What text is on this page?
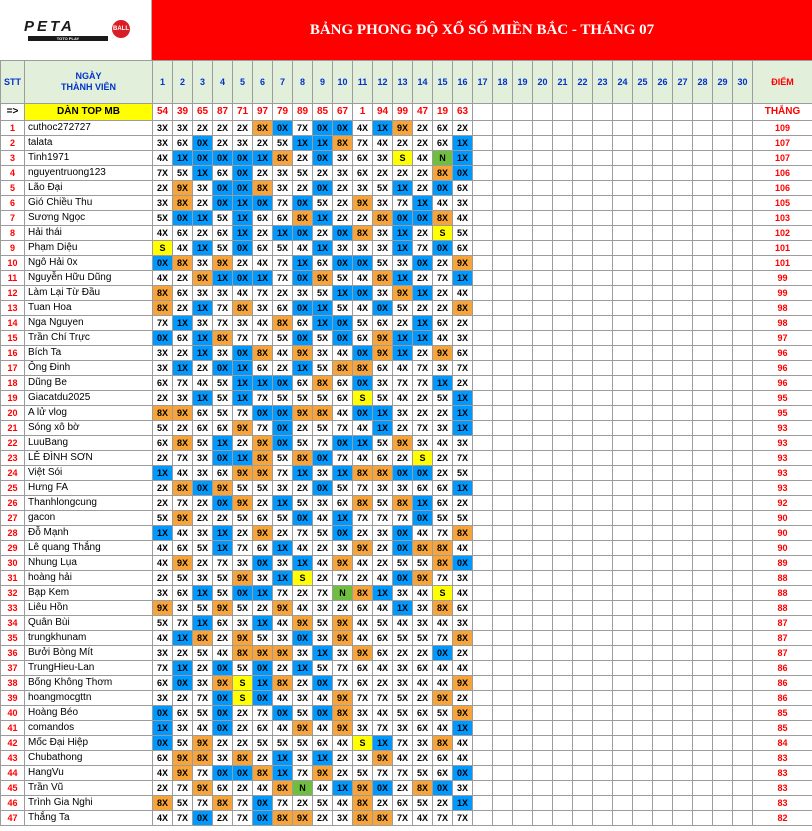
PETA	BALL
TOTO PLAY
BẢNG PHONG ĐỘ XỔ SỐ MIỀN BẮC - THÁNG 07
STT	NGÀY
THÀNH VIÊN	1	2	3	4	5	6	7	8	9	10	11	12	13	14	15	16	17	18	19	20	21	22	23	24	25	26	27	28	29	30	ĐIỂM
=>	DÀN TOP MB	54	39	65	87	71	97	79	89	85	67	1	94	99	47	19	63															THẮNG
1	cuthoc272727	3X	3X	2X	2X	2X	8X	0X	7X	0X	0X	4X	1X	9X	2X	6X	2X															109
2	talata	3X	6X	0X	2X	3X	2X	5X	1X	1X	8X	7X	4X	2X	2X	6X	1X															107
3	Tinh1971	4X	1X	0X	0X	0X	1X	8X	2X	0X	3X	6X	3X	S	4X	N	1X															107
4	nguyentruong123	7X	5X	1X	6X	0X	2X	3X	5X	2X	3X	6X	2X	2X	2X	8X	0X															106
5	Lão Đại	2X	9X	3X	0X	0X	8X	3X	2X	0X	2X	3X	5X	1X	2X	0X	6X															106
6	Gió Chiều Thu	3X	8X	2X	0X	1X	0X	7X	0X	5X	2X	9X	3X	7X	1X	4X	3X															105
7	Sương Ngọc	5X	0X	1X	5X	1X	6X	6X	8X	1X	2X	2X	8X	0X	0X	8X	4X															103
8	Hải thái	4X	6X	2X	6X	1X	2X	1X	0X	2X	0X	8X	3X	1X	2X	S	5X															102
9	Phạm Diệu	S	4X	1X	5X	0X	6X	5X	4X	1X	3X	3X	3X	1X	7X	0X	6X															101
10	Ngô Hải 0x	0X	8X	3X	9X	2X	4X	7X	1X	6X	0X	0X	5X	3X	0X	2X	9X															101
11	Nguyễn Hữu Dũng	4X	2X	9X	1X	0X	1X	7X	0X	9X	5X	4X	8X	1X	2X	7X	1X															99
12	Làm Lại Từ Đầu	8X	6X	3X	3X	4X	7X	2X	3X	5X	1X	0X	3X	9X	1X	2X	4X															99
13	Tuan Hoa	8X	2X	1X	7X	8X	3X	6X	0X	1X	5X	4X	0X	5X	2X	2X	8X															98
14	Nga Nguyen	7X	1X	3X	7X	3X	4X	8X	6X	1X	0X	5X	6X	2X	1X	6X	2X															98
15	Trần Chí Trực	0X	6X	1X	8X	7X	7X	5X	0X	5X	0X	6X	9X	1X	1X	4X	3X															97
16	Bích Ta	3X	2X	1X	3X	0X	8X	4X	9X	3X	4X	0X	9X	1X	2X	9X	6X															96
17	Ông Đinh	3X	1X	2X	0X	1X	6X	2X	1X	5X	8X	8X	6X	4X	7X	3X	7X															96
18	Dũng Be	6X	7X	4X	5X	1X	1X	0X	6X	8X	6X	0X	3X	7X	7X	1X	2X															96
19	Giacatdu2025	2X	3X	1X	5X	1X	7X	5X	5X	5X	6X	S	5X	4X	2X	5X	1X															95
20	A lử vlog	8X	9X	6X	5X	7X	0X	0X	9X	8X	4X	0X	1X	3X	2X	2X	1X															95
21	Sóng xô bờ	5X	2X	6X	6X	9X	7X	0X	2X	5X	7X	4X	1X	2X	7X	3X	1X															93
22	LuuBang	6X	8X	5X	1X	2X	9X	0X	5X	7X	0X	1X	5X	9X	3X	4X	3X															93
23	LÊ ĐÌNH SƠN	2X	7X	3X	0X	1X	8X	5X	8X	0X	7X	4X	6X	2X	S	2X	7X															93
24	Việt Sói	1X	4X	3X	6X	9X	9X	7X	1X	3X	1X	8X	8X	0X	0X	2X	5X															93
25	Hưng FA	2X	8X	0X	9X	5X	5X	3X	2X	0X	5X	7X	3X	3X	6X	6X	1X															93
26	Thanhlongcung	2X	7X	2X	0X	9X	2X	1X	5X	3X	6X	8X	5X	8X	1X	6X	2X															92
27	gacon	5X	9X	2X	2X	5X	6X	5X	0X	4X	1X	7X	7X	7X	0X	5X	5X															90
28	Đỗ Mạnh	1X	4X	3X	1X	2X	9X	2X	7X	5X	0X	2X	3X	0X	4X	7X	8X															90
29	Lê quang Thắng	4X	6X	5X	1X	7X	6X	1X	4X	2X	3X	9X	2X	0X	8X	8X	4X															90
30	Nhung Lụa	4X	9X	2X	7X	3X	0X	3X	1X	4X	9X	4X	2X	5X	5X	8X	0X															89
31	hoàng hải	2X	5X	3X	5X	9X	3X	1X	S	2X	7X	2X	4X	0X	9X	7X	3X															88
32	Bạp Kem	3X	6X	1X	5X	0X	1X	7X	2X	7X	N	8X	1X	3X	4X	S	4X															88
33	Liêu Hồn	9X	3X	5X	9X	5X	2X	9X	4X	3X	2X	6X	4X	1X	3X	8X	6X															88
34	Quân Bùi	5X	7X	1X	6X	3X	1X	4X	9X	5X	9X	4X	5X	4X	3X	4X	3X															87
35	trungkhunam	4X	1X	8X	2X	9X	5X	3X	0X	3X	9X	4X	6X	5X	5X	7X	8X															87
36	Bưởi Bòng Mít	3X	2X	5X	4X	8X	9X	9X	3X	1X	3X	9X	6X	2X	2X	0X	2X															87
37	TrungHieu-Lan	7X	1X	2X	0X	5X	0X	2X	1X	5X	7X	6X	4X	3X	6X	4X	4X															86
38	Bống Không Thơm	6X	0X	3X	9X	S	1X	8X	2X	0X	7X	6X	2X	3X	4X	4X	9X															86
39	hoangmocgttn	3X	2X	7X	0X	S	0X	4X	3X	4X	9X	7X	7X	5X	2X	9X	2X															86
40	Hoàng Béo	0X	6X	5X	0X	2X	7X	0X	5X	0X	8X	3X	4X	5X	6X	5X	9X															85
41	comandos	1X	3X	4X	0X	2X	6X	4X	9X	4X	9X	3X	7X	3X	6X	4X	1X															85
42	Mốc Đại Hiệp	0X	5X	9X	2X	2X	5X	5X	5X	6X	4X	S	1X	7X	3X	8X	4X															84
43	Chubathong	6X	9X	8X	3X	8X	2X	1X	3X	1X	2X	3X	9X	4X	2X	6X	4X															83
44	HangVu	4X	9X	7X	0X	0X	8X	1X	7X	9X	2X	5X	7X	7X	5X	6X	0X															83
45	Trần Vũ	2X	7X	9X	6X	2X	4X	8X	N	4X	1X	9X	0X	2X	8X	0X	3X															83
46	Trình Gia Nghi	8X	5X	7X	8X	7X	0X	7X	2X	5X	4X	8X	2X	6X	5X	2X	1X															83
47	Thắng Ta	4X	7X	0X	2X	7X	0X	8X	9X	2X	3X	8X	8X	7X	4X	7X	7X															82
